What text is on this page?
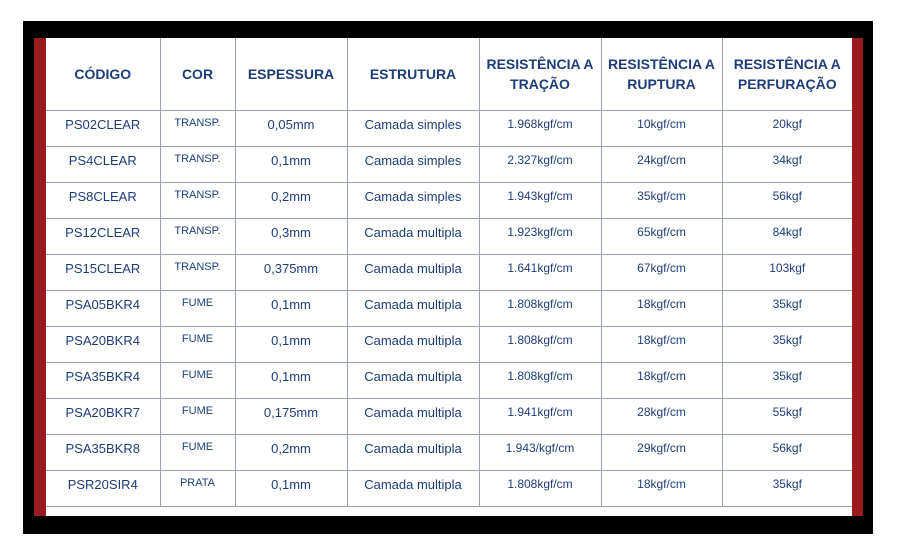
CÓDIGO	COR	ESPESSURA	ESTRUTURA	RESISTÊNCIA A TRAÇÃO	RESISTÊNCIA A RUPTURA	RESISTÊNCIA A PERFURAÇÃO
PS02CLEAR	TRANSP.	0,05mm	Camada simples	1.968kgf/cm	10kgf/cm	20kgf
PS4CLEAR	TRANSP.	0,1mm	Camada simples	2.327kgf/cm	24kgf/cm	34kgf
PS8CLEAR	TRANSP.	0,2mm	Camada simples	1.943kgf/cm	35kgf/cm	56kgf
PS12CLEAR	TRANSP.	0,3mm	Camada multipla	1.923kgf/cm	65kgf/cm	84kgf
PS15CLEAR	TRANSP.	0,375mm	Camada multipla	1.641kgf/cm	67kgf/cm	103kgf
PSA05BKR4	FUME	0,1mm	Camada multipla	1.808kgf/cm	18kgf/cm	35kgf
PSA20BKR4	FUME	0,1mm	Camada multipla	1.808kgf/cm	18kgf/cm	35kgf
PSA35BKR4	FUME	0,1mm	Camada multipla	1.808kgf/cm	18kgf/cm	35kgf
PSA20BKR7	FUME	0,175mm	Camada multipla	1.941kgf/cm	28kgf/cm	55kgf
PSA35BKR8	FUME	0,2mm	Camada multipla	1.943/kgf/cm	29kgf/cm	56kgf
PSR20SIR4	PRATA	0,1mm	Camada multipla	1.808kgf/cm	18kgf/cm	35kgf
